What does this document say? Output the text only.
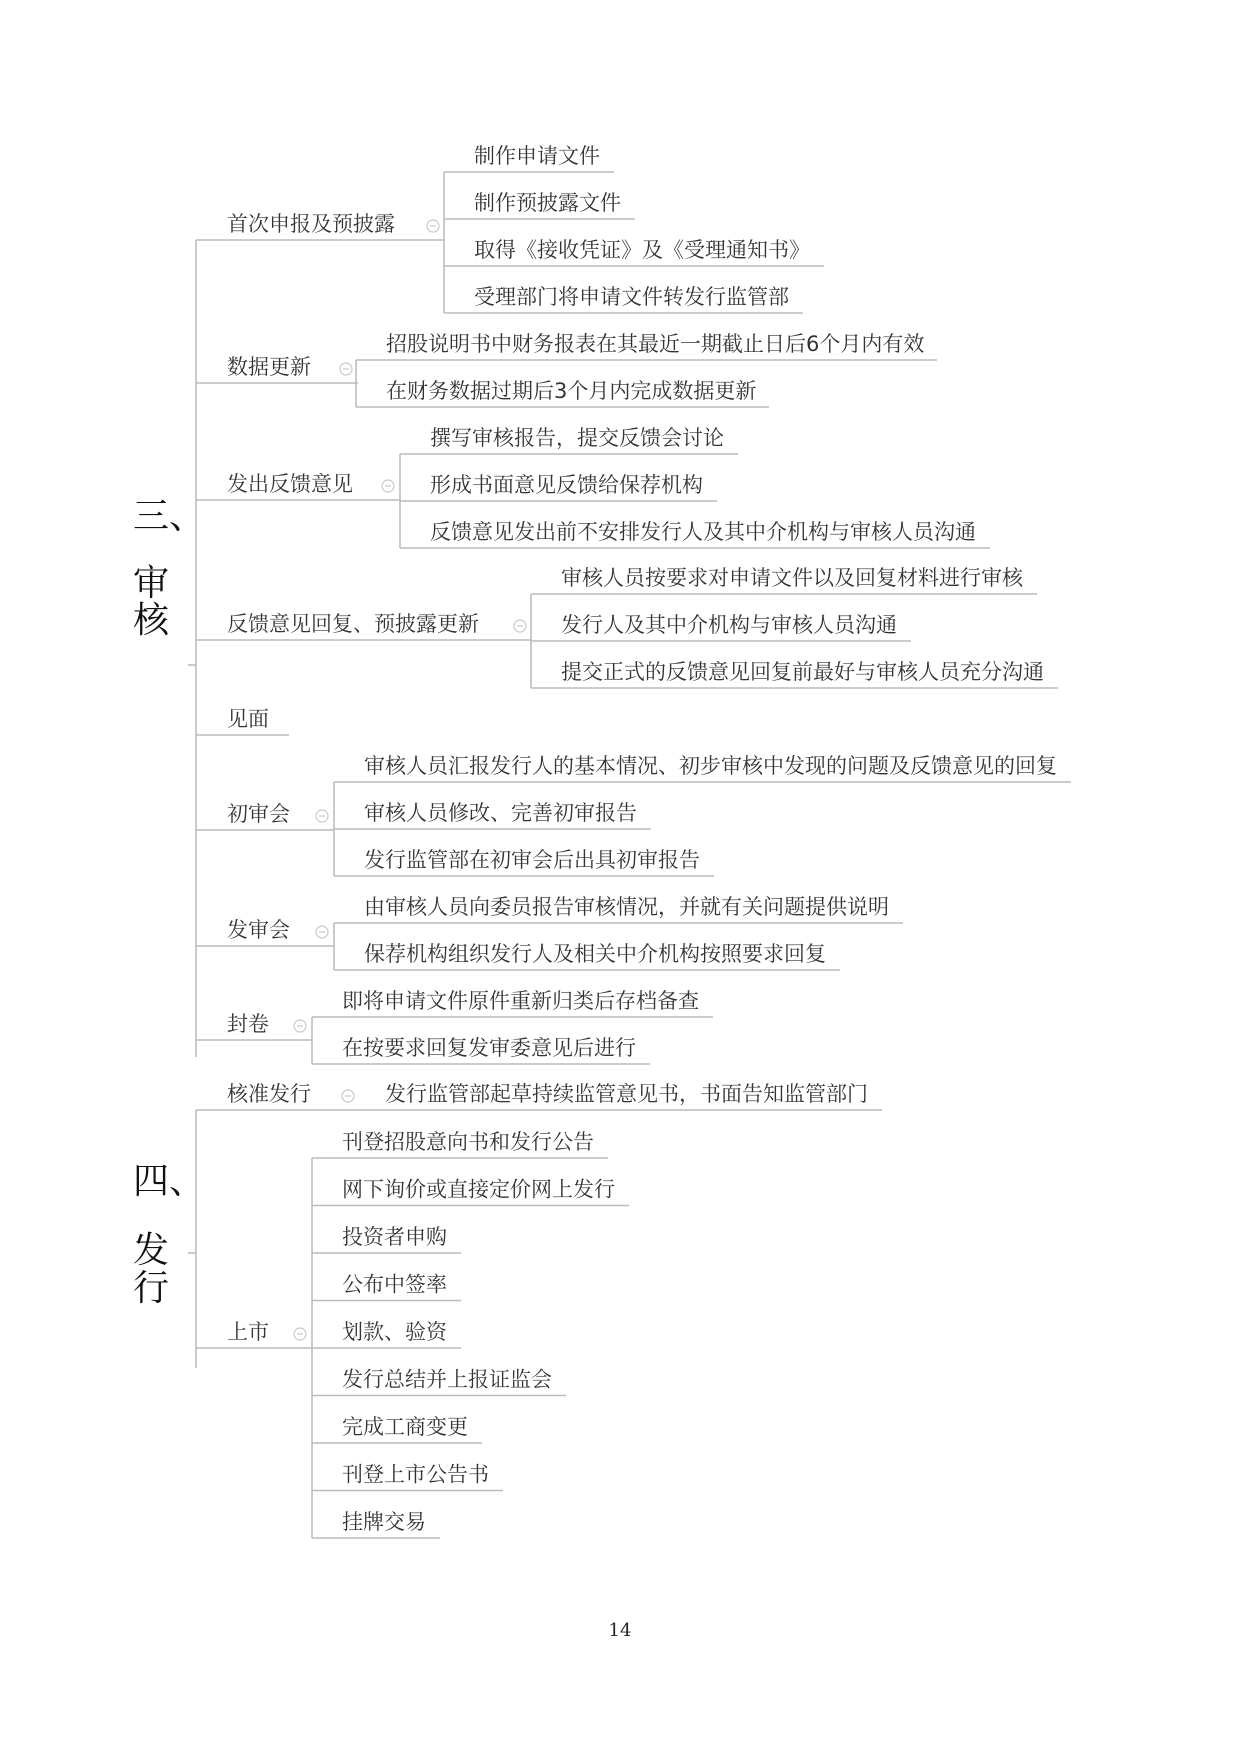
三、
审
核
首次申报及预披露
制作申请文件
制作预披露文件
取得《接收凭证》及《受理通知书》
受理部门将申请文件转发行监管部
数据更新
招股说明书中财务报表在其最近一期截止日后6个月内有效
在财务数据过期后3个月内完成数据更新
发出反馈意见
撰写审核报告，提交反馈会讨论
形成书面意见反馈给保荐机构
反馈意见发出前不安排发行人及其中介机构与审核人员沟通
反馈意见回复、预披露更新
审核人员按要求对申请文件以及回复材料进行审核
发行人及其中介机构与审核人员沟通
提交正式的反馈意见回复前最好与审核人员充分沟通
见面
初审会
审核人员汇报发行人的基本情况、初步审核中发现的问题及反馈意见的回复
审核人员修改、完善初审报告
发行监管部在初审会后出具初审报告
发审会
由审核人员向委员报告审核情况，并就有关问题提供说明
保荐机构组织发行人及相关中介机构按照要求回复
封卷
即将申请文件原件重新归类后存档备查
在按要求回复发审委意见后进行
四、
发
行
核准发行	发行监管部起草持续监管意见书，书面告知监管部门
上市
刊登招股意向书和发行公告
网下询价或直接定价网上发行
投资者申购
公布中签率
划款、验资
发行总结并上报证监会
完成工商变更
刊登上市公告书
挂牌交易
14
